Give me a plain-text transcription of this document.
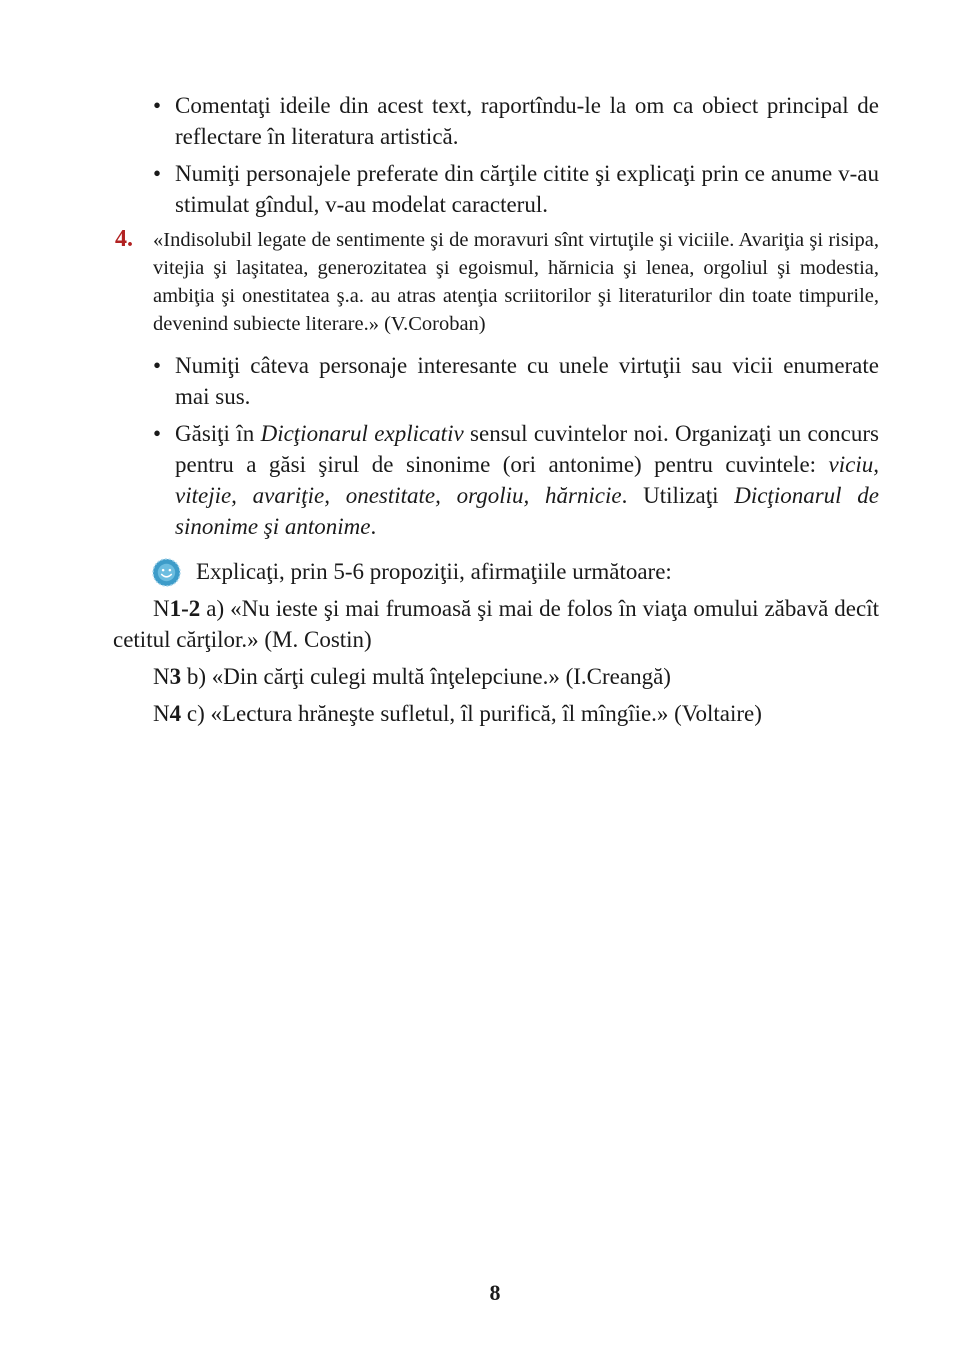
• Comentaţi ideile din acest text, raportîndu-le la om ca obiect principal de reflectare în literatura artistică.
• Numiţi personajele preferate din cărţile citite şi explicaţi prin ce anume v-au stimulat gîndul, v-au modelat caracterul.
4. «Indisolubil legate de sentimente şi de moravuri sînt virtuţile şi viciile. Avariţia şi risipa, vitejia şi laşitatea, generozitatea şi egoismul, hărnicia şi lenea, orgoliul şi modestia, ambiţia şi onestitatea ş.a. au atras atenţia scriitorilor şi literaturilor din toate timpurile, devenind subiecte literare.» (V.Coroban)
• Numiţi câteva personaje interesante cu unele virtuţii sau vicii enumerate mai sus.
• Găsiţi în Dicţionarul explicativ sensul cuvintelor noi. Organizaţi un concurs pentru a găsi şirul de sinonime (ori antonime) pentru cuvintele: viciu, vitejie, avariţie, onestitate, orgoliu, hărnicie. Utilizaţi Dicţionarul de sinonime şi antonime.
Explicaţi, prin 5-6 propoziţii, afirmaţiile următoare:
N1-2 a) «Nu ieste şi mai frumoasă şi mai de folos în viaţa omului zăbavă decît cetitul cărţilor.» (M. Costin)
N3 b) «Din cărţi culegi multă înţelepciune.» (I.Creangă)
N4 c) «Lectura hrăneşte sufletul, îl purifică, îl mîngîie.» (Voltaire)
8
